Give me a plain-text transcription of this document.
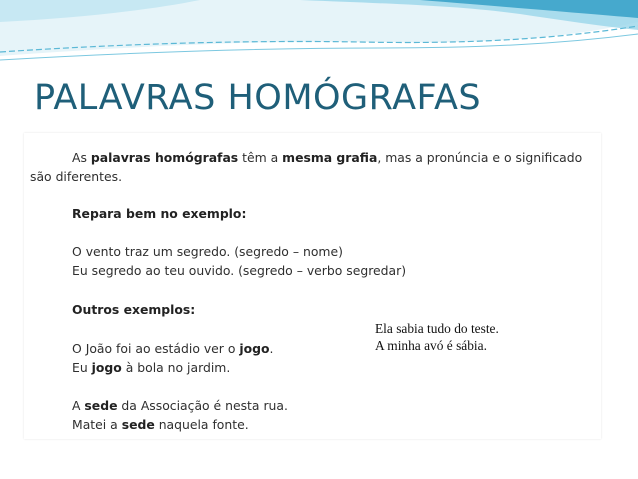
PALAVRAS HOMÓGRAFAS

As palavras homógrafas têm a mesma grafia, mas a pronúncia e o significado

são diferentes.

Repara bem no exemplo:

O vento traz um segredo. (segredo – nome)

Eu segredo ao teu ouvido. (segredo – verbo segredar)

Outros exemplos:

O João foi ao estádio ver o jogo.

Eu jogo à bola no jardim.

A sede da Associação é nesta rua.

Matei a sede naquela fonte.

Ela sabia tudo do teste.
A minha avó é sábia.
